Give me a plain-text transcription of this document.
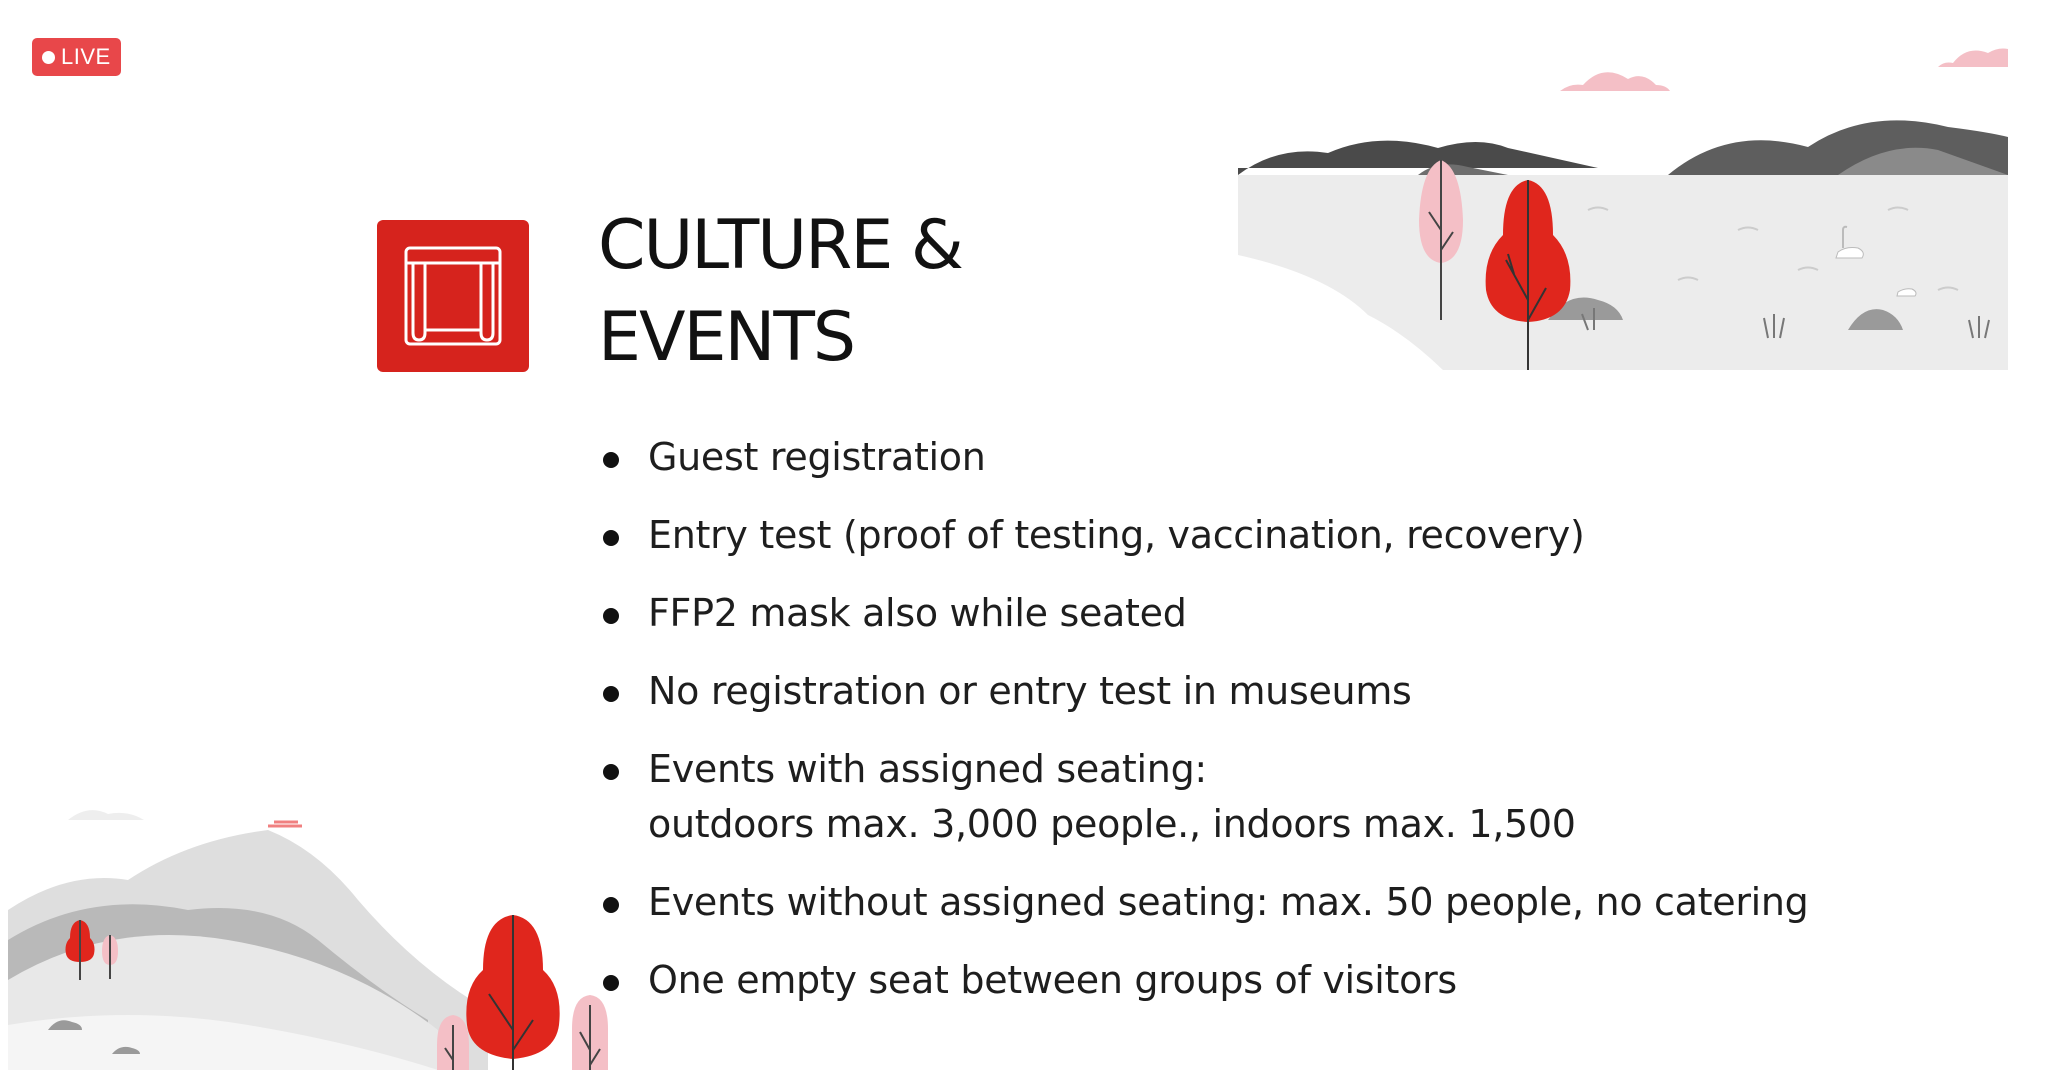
LIVE
CULTURE &
EVENTS
Guest registration
Entry test (proof of testing, vaccination, recovery)
FFP2 mask also while seated
No registration or entry test in museums
Events with assigned seating:
outdoors max. 3,000 people., indoors max. 1,500
Events without assigned seating: max. 50 people, no catering
One empty seat between groups of visitors
